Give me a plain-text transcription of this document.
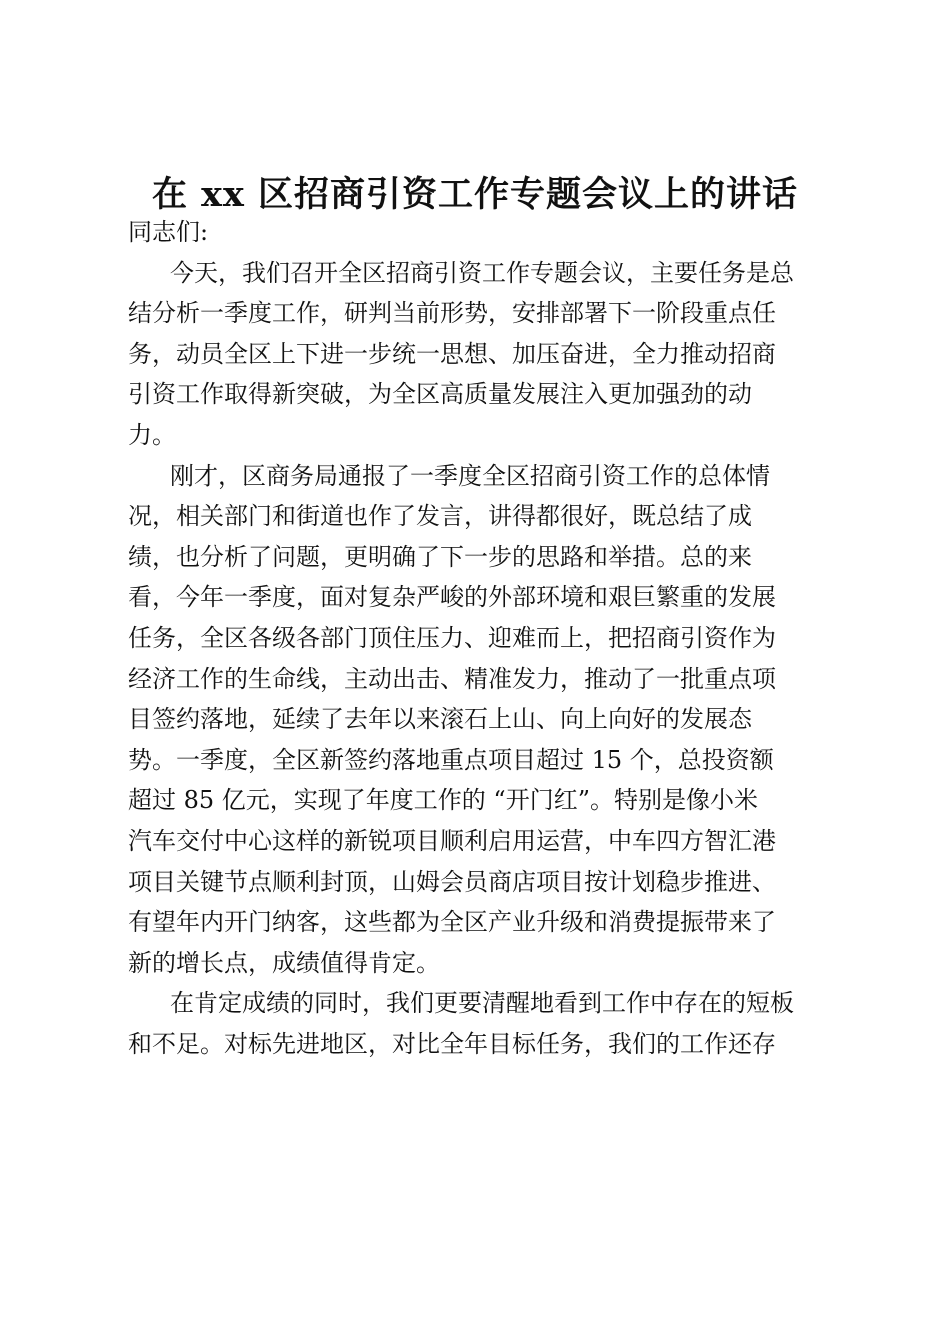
在 xx 区招商引资工作专题会议上的讲话
同志们:
今天，我们召开全区招商引资工作专题会议，主要任务是总
结分析一季度工作，研判当前形势，安排部署下一阶段重点任
务，动员全区上下进一步统一思想、加压奋进，全力推动招商
引资工作取得新突破，为全区高质量发展注入更加强劲的动
力。
刚才，区商务局通报了一季度全区招商引资工作的总体情
况，相关部门和街道也作了发言，讲得都很好，既总结了成
绩，也分析了问题，更明确了下一步的思路和举措。总的来
看，今年一季度，面对复杂严峻的外部环境和艰巨繁重的发展
任务，全区各级各部门顶住压力、迎难而上，把招商引资作为
经济工作的生命线，主动出击、精准发力，推动了一批重点项
目签约落地，延续了去年以来滚石上山、向上向好的发展态
势。一季度，全区新签约落地重点项目超过 15 个，总投资额
超过 85 亿元，实现了年度工作的 “开门红”。特别是像小米
汽车交付中心这样的新锐项目顺利启用运营，中车四方智汇港
项目关键节点顺利封顶，山姆会员商店项目按计划稳步推进、
有望年内开门纳客，这些都为全区产业升级和消费提振带来了
新的增长点，成绩值得肯定。
在肯定成绩的同时，我们更要清醒地看到工作中存在的短板
和不足。对标先进地区，对比全年目标任务，我们的工作还存
